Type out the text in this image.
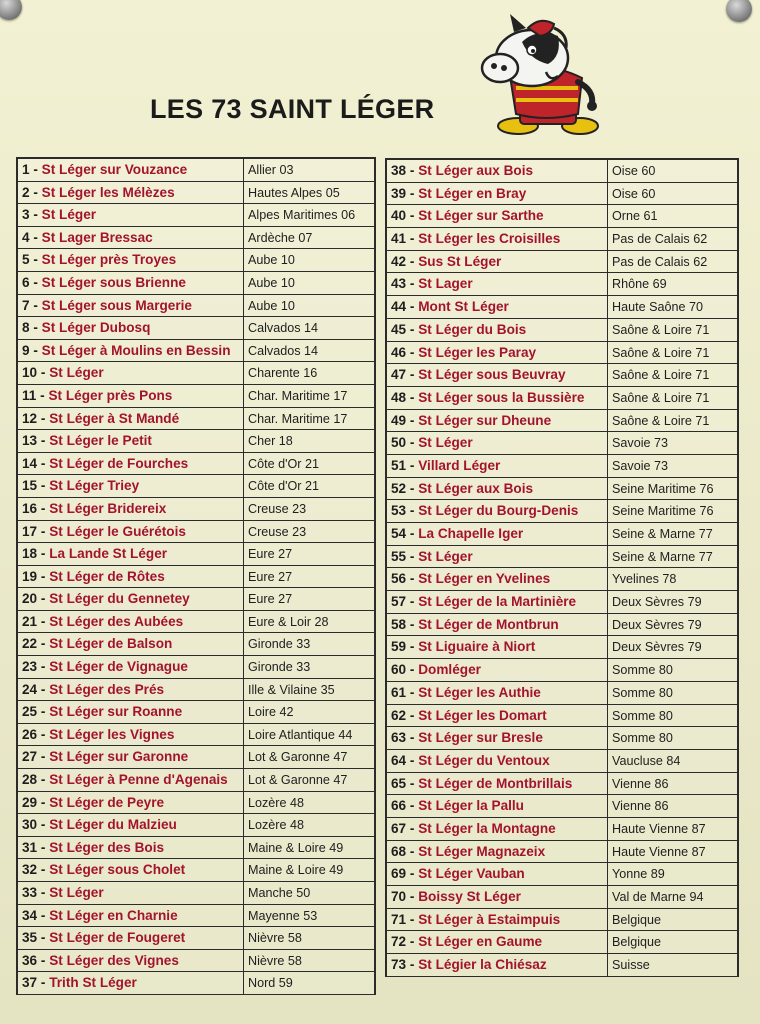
LES 73 SAINT LÉGER
1 - St Léger sur Vouzance	Allier 03
2 - St Léger les Mélèzes	Hautes Alpes 05
3 - St Léger	Alpes Maritimes 06
4 - St Lager Bressac	Ardèche 07
5 - St Léger près Troyes	Aube 10
6 - St Léger sous Brienne	Aube 10
7 - St Léger sous Margerie	Aube 10
8 - St Léger Dubosq	Calvados 14
9 - St Léger à Moulins en Bessin	Calvados 14
10 - St Léger	Charente 16
11 - St Léger près Pons	Char. Maritime 17
12 - St Léger à St Mandé	Char. Maritime 17
13 - St Léger le Petit	Cher 18
14 - St Léger de Fourches	Côte d'Or 21
15 - St Léger Triey	Côte d'Or 21
16 - St Léger Bridereix	Creuse 23
17 - St Léger le Guérétois	Creuse 23
18 - La Lande St Léger	Eure 27
19 - St Léger de Rôtes	Eure 27
20 - St Léger du Gennetey	Eure 27
21 - St Léger des Aubées	Eure & Loir 28
22 - St Léger de Balson	Gironde 33
23 - St Léger de Vignague	Gironde 33
24 - St Léger des Prés	Ille & Vilaine 35
25 - St Léger sur Roanne	Loire 42
26 - St Léger les Vignes	Loire Atlantique 44
27 - St Léger sur Garonne	Lot & Garonne 47
28 - St Léger à Penne d'Agenais	Lot & Garonne 47
29 - St Léger de Peyre	Lozère 48
30 - St Léger du Malzieu	Lozère 48
31 - St Léger des Bois	Maine & Loire 49
32 - St Léger sous Cholet	Maine & Loire 49
33 - St Léger	Manche 50
34 - St Léger en Charnie	Mayenne 53
35 - St Léger de Fougeret	Nièvre 58
36 - St Léger des Vignes	Nièvre 58
37 - Trith St Léger	Nord 59
38 - St Léger aux Bois	Oise 60
39 - St Léger en Bray	Oise 60
40 - St Léger sur Sarthe	Orne 61
41 - St Léger les Croisilles	Pas de Calais 62
42 - Sus St Léger	Pas de Calais 62
43 - St Lager	Rhône 69
44 - Mont St Léger	Haute Saône 70
45 - St Léger du Bois	Saône & Loire 71
46 - St Léger les Paray	Saône & Loire 71
47 - St Léger sous Beuvray	Saône & Loire 71
48 - St Léger sous la Bussière	Saône & Loire 71
49 - St Léger sur Dheune	Saône & Loire 71
50 - St Léger	Savoie 73
51 - Villard Léger	Savoie 73
52 - St Léger aux Bois	Seine Maritime 76
53 - St Léger du Bourg-Denis	Seine Maritime 76
54 - La Chapelle Iger	Seine & Marne 77
55 - St Léger	Seine & Marne 77
56 - St Léger en Yvelines	Yvelines 78
57 - St Léger de la Martinière	Deux Sèvres 79
58 - St Léger de Montbrun	Deux Sèvres 79
59 - St Liguaire à Niort	Deux Sèvres 79
60 - Domléger	Somme 80
61 - St Léger les Authie	Somme 80
62 - St Léger les Domart	Somme 80
63 - St Léger sur Bresle	Somme 80
64 - St Léger du Ventoux	Vaucluse 84
65 - St Léger de Montbrillais	Vienne 86
66 - St Léger la Pallu	Vienne 86
67 - St Léger la Montagne	Haute Vienne 87
68 - St Léger Magnazeix	Haute Vienne 87
69 - St Léger Vauban	Yonne 89
70 - Boissy St Léger	Val de Marne 94
71 - St Léger à Estaimpuis	Belgique
72 - St Léger en Gaume	Belgique
73 - St Légier la Chiésaz	Suisse
